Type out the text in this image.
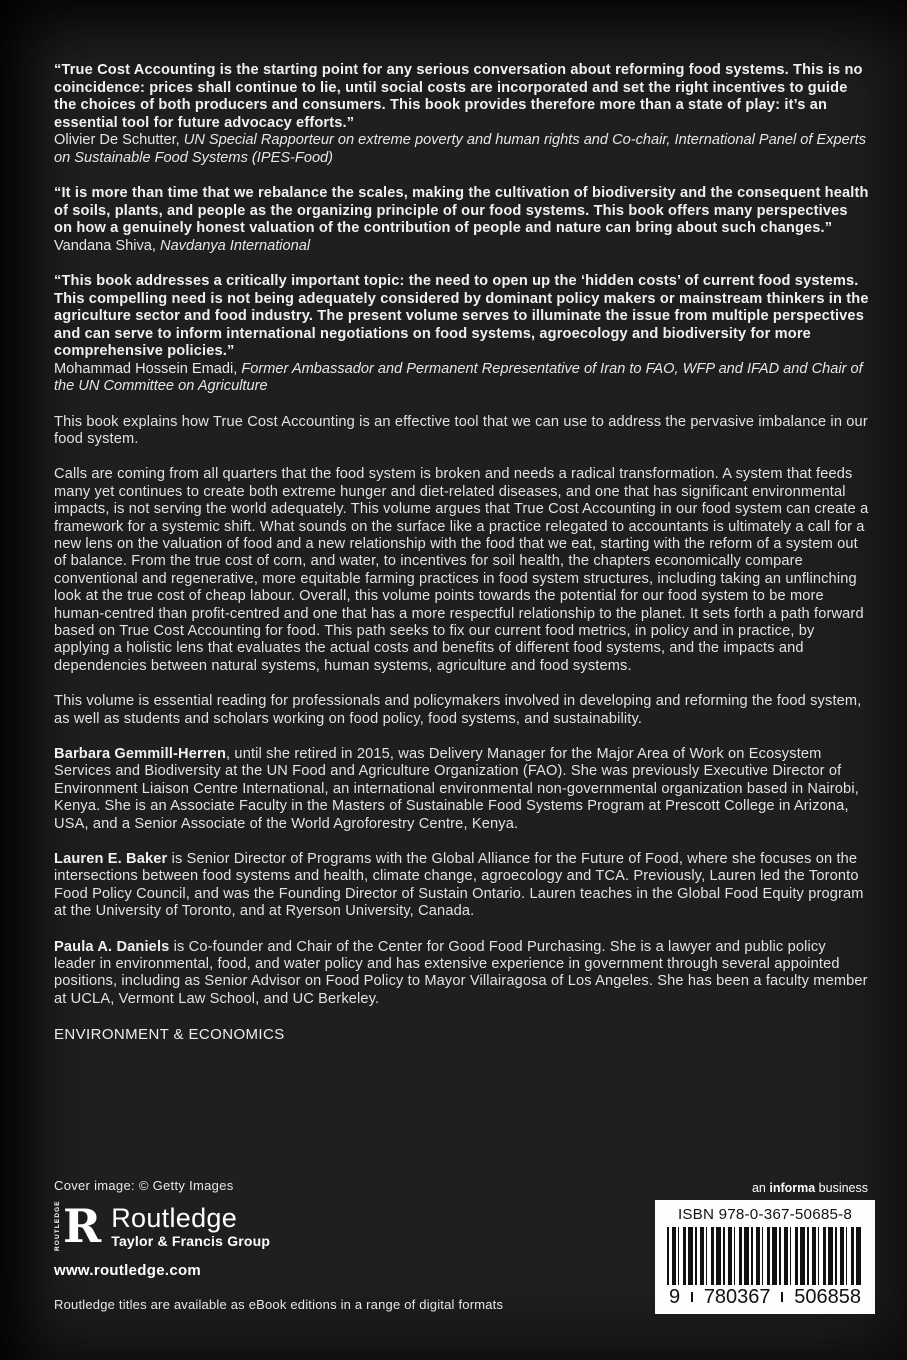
“True Cost Accounting is the starting point for any serious conversation about reforming food systems. This is no coincidence: prices shall continue to lie, until social costs are incorporated and set the right incentives to guide the choices of both producers and consumers. This book provides therefore more than a state of play: it’s an essential tool for future advocacy efforts.”
Olivier De Schutter, UN Special Rapporteur on extreme poverty and human rights and Co-chair, International Panel of Experts on Sustainable Food Systems (IPES-Food)
“It is more than time that we rebalance the scales, making the cultivation of biodiversity and the consequent health of soils, plants, and people as the organizing principle of our food systems. This book offers many perspectives on how a genuinely honest valuation of the contribution of people and nature can bring about such changes.”
Vandana Shiva, Navdanya International
“This book addresses a critically important topic: the need to open up the ‘hidden costs’ of current food systems. This compelling need is not being adequately considered by dominant policy makers or mainstream thinkers in the agriculture sector and food industry. The present volume serves to illuminate the issue from multiple perspectives and can serve to inform international negotiations on food systems, agroecology and biodiversity for more comprehensive policies.”
Mohammad Hossein Emadi, Former Ambassador and Permanent Representative of Iran to FAO, WFP and IFAD and Chair of the UN Committee on Agriculture

This book explains how True Cost Accounting is an effective tool that we can use to address the pervasive imbalance in our food system.

Calls are coming from all quarters that the food system is broken and needs a radical transformation. A system that feeds many yet continues to create both extreme hunger and diet-related diseases, and one that has significant environmental impacts, is not serving the world adequately. This volume argues that True Cost Accounting in our food system can create a framework for a systemic shift. What sounds on the surface like a practice relegated to accountants is ultimately a call for a new lens on the valuation of food and a new relationship with the food that we eat, starting with the reform of a system out of balance. From the true cost of corn, and water, to incentives for soil health, the chapters economically compare conventional and regenerative, more equitable farming practices in food system structures, including taking an unflinching look at the true cost of cheap labour. Overall, this volume points towards the potential for our food system to be more human-centred than profit-centred and one that has a more respectful relationship to the planet. It sets forth a path forward based on True Cost Accounting for food. This path seeks to fix our current food metrics, in policy and in practice, by applying a holistic lens that evaluates the actual costs and benefits of different food systems, and the impacts and dependencies between natural systems, human systems, agriculture and food systems.

This volume is essential reading for professionals and policymakers involved in developing and reforming the food system, as well as students and scholars working on food policy, food systems, and sustainability.

Barbara Gemmill-Herren, until she retired in 2015, was Delivery Manager for the Major Area of Work on Ecosystem Services and Biodiversity at the UN Food and Agriculture Organization (FAO). She was previously Executive Director of Environment Liaison Centre International, an international environmental non-governmental organization based in Nairobi, Kenya. She is an Associate Faculty in the Masters of Sustainable Food Systems Program at Prescott College in Arizona, USA, and a Senior Associate of the World Agroforestry Centre, Kenya.

Lauren E. Baker is Senior Director of Programs with the Global Alliance for the Future of Food, where she focuses on the intersections between food systems and health, climate change, agroecology and TCA. Previously, Lauren led the Toronto Food Policy Council, and was the Founding Director of Sustain Ontario. Lauren teaches in the Global Food Equity program at the University of Toronto, and at Ryerson University, Canada.

Paula A. Daniels is Co-founder and Chair of the Center for Good Food Purchasing. She is a lawyer and public policy leader in environmental, food, and water policy and has extensive experience in government through several appointed positions, including as Senior Advisor on Food Policy to Mayor Villairagosa of Los Angeles. She has been a faculty member at UCLA, Vermont Law School, and UC Berkeley.

ENVIRONMENT & ECONOMICS
Cover image: © Getty Images
ROUTLEDGE R Routledge
Taylor & Francis Group
www.routledge.com
Routledge titles are available as eBook editions in a range of digital formats
an informa business
ISBN 978-0-367-50685-8
9 780367 506858
